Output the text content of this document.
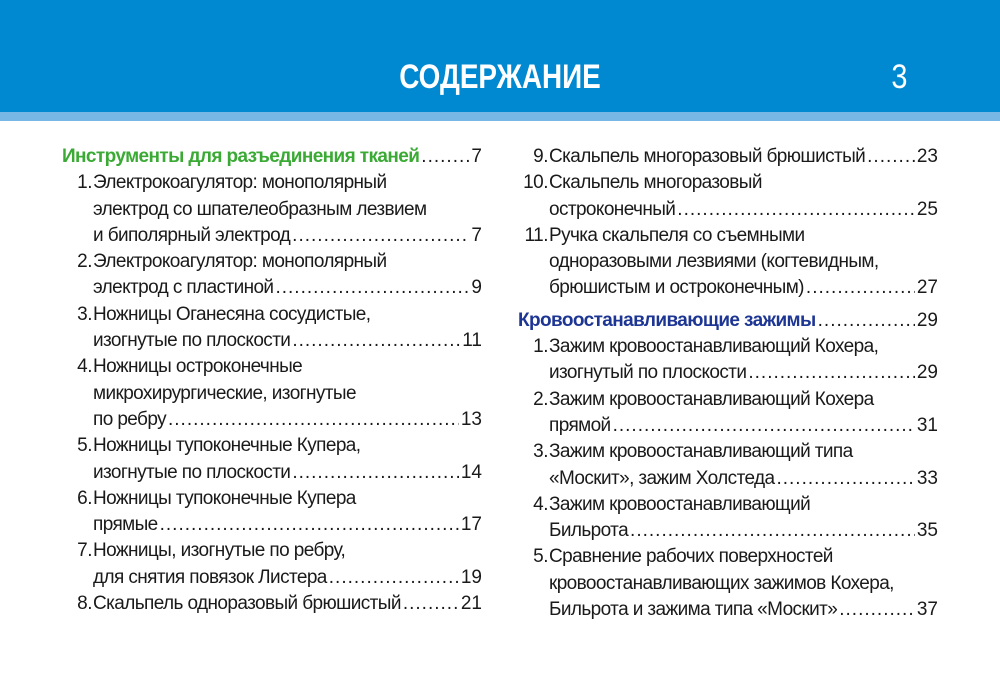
СОДЕРЖАНИЕ	3
Инструменты для разъединения тканей .....	7
1. Электрокоагулятор: монополярный
электрод со шпателеобразным лезвием
и биполярный электрод .....	7
2. Электрокоагулятор: монополярный
электрод с пластиной .....	9
3. Ножницы Оганесяна сосудистые,
изогнутые по плоскости .....	11
4. Ножницы остроконечные
микрохирургические, изогнутые
по ребру .....	13
5. Ножницы тупоконечные Купера,
изогнутые по плоскости .....	14
6. Ножницы тупоконечные Купера
прямые .....	17
7. Ножницы, изогнутые по ребру,
для снятия повязок Листера .....	19
8. Скальпель одноразовый брюшистый .....	21
9. Скальпель многоразовый брюшистый .....	23
10. Скальпель многоразовый
остроконечный .....	25
11. Ручка скальпеля со съемными
одноразовыми лезвиями (когтевидным,
брюшистым и остроконечным) .....	27
Кровоостанавливающие зажимы .....	29
1. Зажим кровоостанавливающий Кохера,
изогнутый по плоскости .....	29
2. Зажим кровоостанавливающий Кохера
прямой .....	31
3. Зажим кровоостанавливающий типа
«Москит», зажим Холстеда .....	33
4. Зажим кровоостанавливающий
Бильрота .....	35
5. Сравнение рабочих поверхностей
кровоостанавливающих зажимов Кохера,
Бильрота и зажима типа «Москит» .....	37
